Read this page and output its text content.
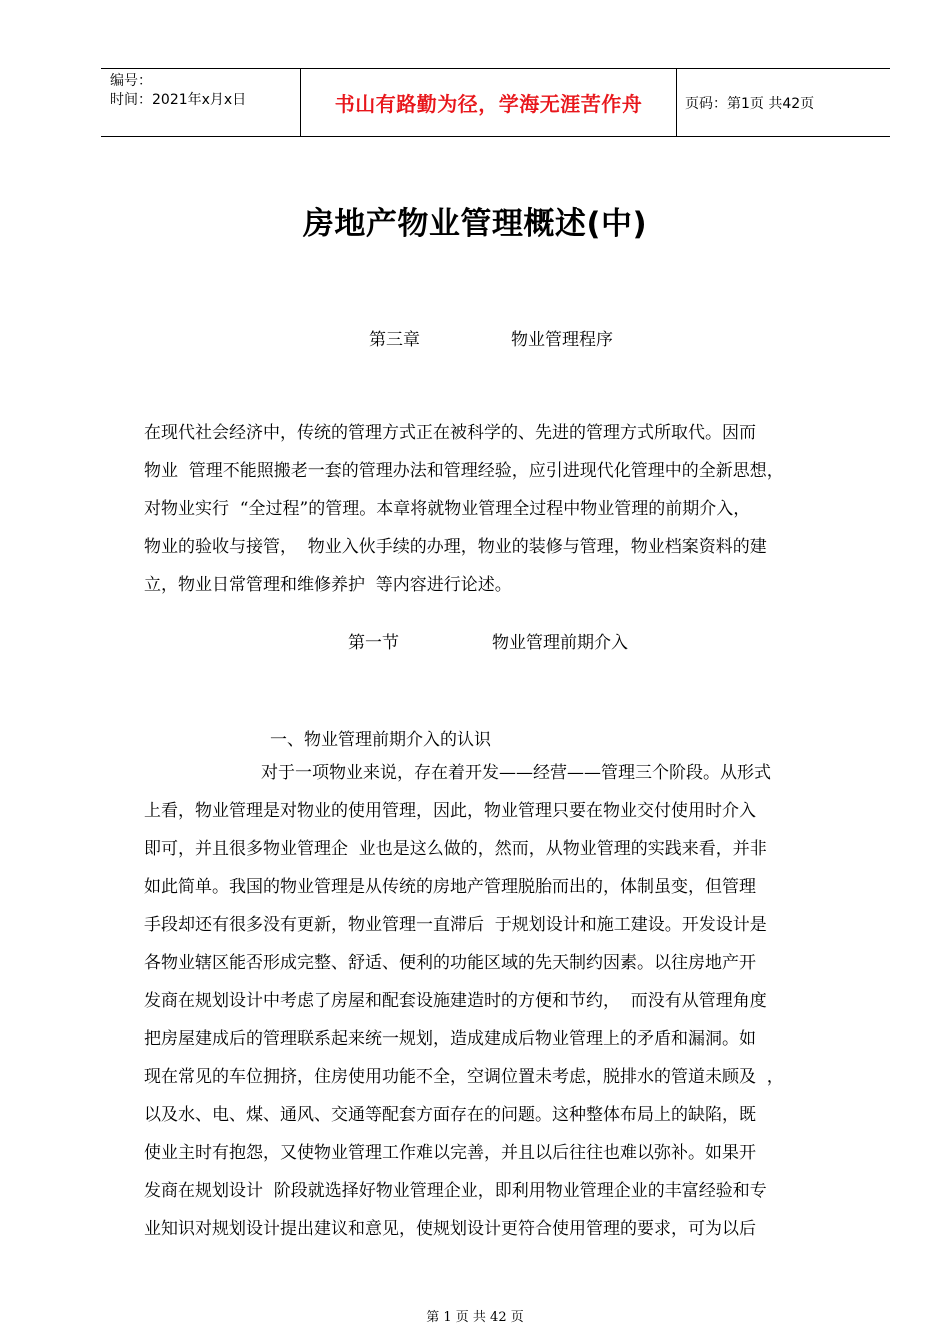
编号：
时间：2021年x月x日	书山有路勤为径，学海无涯苦作舟	页码：第1页 共42页
房地产物业管理概述(中)
第三章	物业管理程序
在现代社会经济中，传统的管理方式正在被科学的、先进的管理方式所取代。因而
物业  管理不能照搬老一套的管理办法和管理经验，应引进现代化管理中的全新思想，
对物业实行  “全过程”的管理。本章将就物业管理全过程中物业管理的前期介入，
物业的验收与接管，  物业入伙手续的办理，物业的装修与管理，物业档案资料的建
立，物业日常管理和维修养护  等内容进行论述。
第一节	物业管理前期介入
一、物业管理前期介入的认识
对于一项物业来说，存在着开发——经营——管理三个阶段。从形式
上看，物业管理是对物业的使用管理，因此，物业管理只要在物业交付使用时介入
即可，并且很多物业管理企  业也是这么做的，然而，从物业管理的实践来看，并非
如此简单。我国的物业管理是从传统的房地产管理脱胎而出的，体制虽变，但管理
手段却还有很多没有更新，物业管理一直滞后  于规划设计和施工建设。开发设计是
各物业辖区能否形成完整、舒适、便利的功能区域的先天制约因素。以往房地产开
发商在规划设计中考虑了房屋和配套设施建造时的方便和节约，  而没有从管理角度
把房屋建成后的管理联系起来统一规划，造成建成后物业管理上的矛盾和漏洞。如
现在常见的车位拥挤，住房使用功能不全，空调位置未考虑，脱排水的管道未顾及  ，
以及水、电、煤、通风、交通等配套方面存在的问题。这种整体布局上的缺陷，既
使业主时有抱怨，又使物业管理工作难以完善，并且以后往往也难以弥补。如果开
发商在规划设计  阶段就选择好物业管理企业，即利用物业管理企业的丰富经验和专
业知识对规划设计提出建议和意见，使规划设计更符合使用管理的要求，可为以后
第 1 页 共 42 页
